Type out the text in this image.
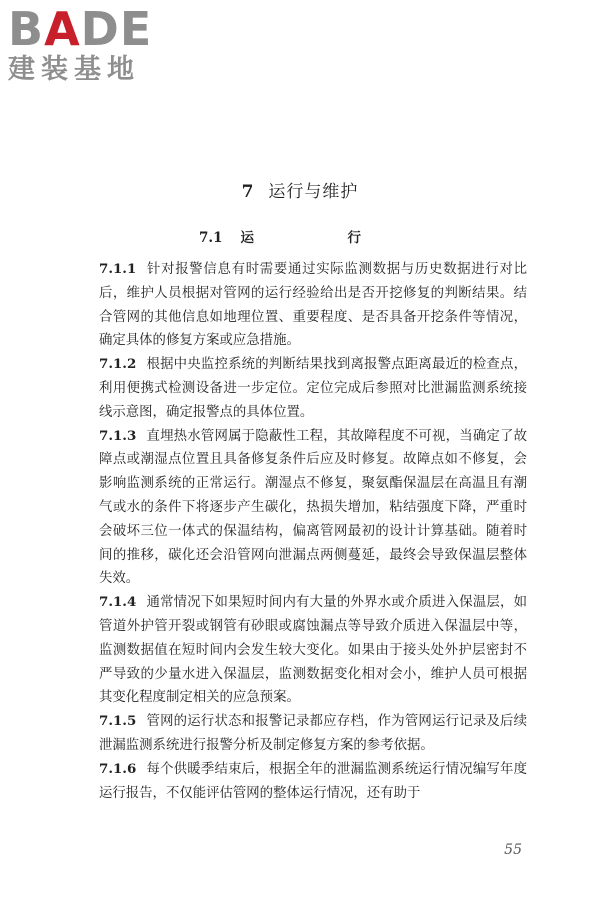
BADE
建装基地
7 运行与维护
7.1 运　行

7.1.1 针对报警信息有时需要通过实际监测数据与历史数据进行对比后，维护人员根据对管网的运行经验给出是否开挖修复的判断结果。结合管网的其他信息如地理位置、重要程度、是否具备开挖条件等情况，确定具体的修复方案或应急措施。

7.1.2 根据中央监控系统的判断结果找到离报警点距离最近的检查点，利用便携式检测设备进一步定位。定位完成后参照对比泄漏监测系统接线示意图，确定报警点的具体位置。

7.1.3 直埋热水管网属于隐蔽性工程，其故障程度不可视，当确定了故障点或潮湿点位置且具备修复条件后应及时修复。故障点如不修复，会影响监测系统的正常运行。潮湿点不修复，聚氨酯保温层在高温且有潮气或水的条件下将逐步产生碳化，热损失增加，粘结强度下降，严重时会破坏三位一体式的保温结构，偏离管网最初的设计计算基础。随着时间的推移，碳化还会沿管网向泄漏点两侧蔓延，最终会导致保温层整体失效。

7.1.4 通常情况下如果短时间内有大量的外界水或介质进入保温层，如管道外护管开裂或钢管有砂眼或腐蚀漏点等导致介质进入保温层中等，监测数据值在短时间内会发生较大变化。如果由于接头处外护层密封不严导致的少量水进入保温层，监测数据变化相对会小，维护人员可根据其变化程度制定相关的应急预案。

7.1.5 管网的运行状态和报警记录都应存档，作为管网运行记录及后续泄漏监测系统进行报警分析及制定修复方案的参考依据。

7.1.6 每个供暖季结束后，根据全年的泄漏监测系统运行情况编写年度运行报告，不仅能评估管网的整体运行情况，还有助于

55
